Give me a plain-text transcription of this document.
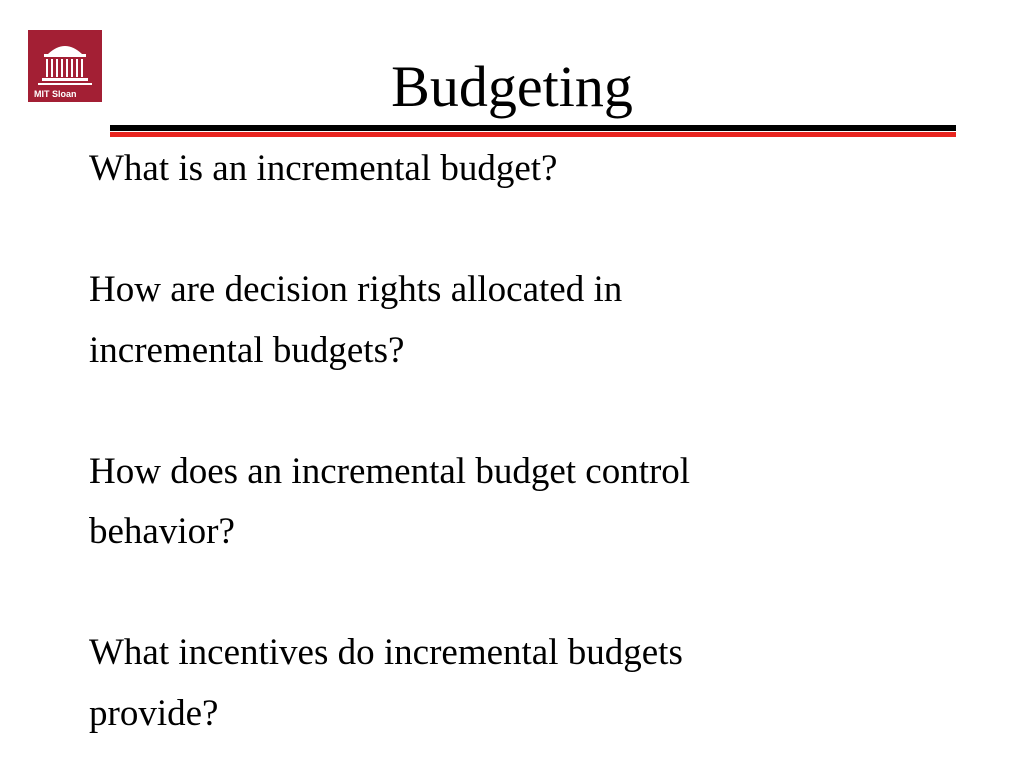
MIT Sloan	Budgeting
What is an incremental budget?
How are decision rights allocated in
incremental budgets?
How does an incremental budget control
behavior?
What incentives do incremental budgets
provide?
